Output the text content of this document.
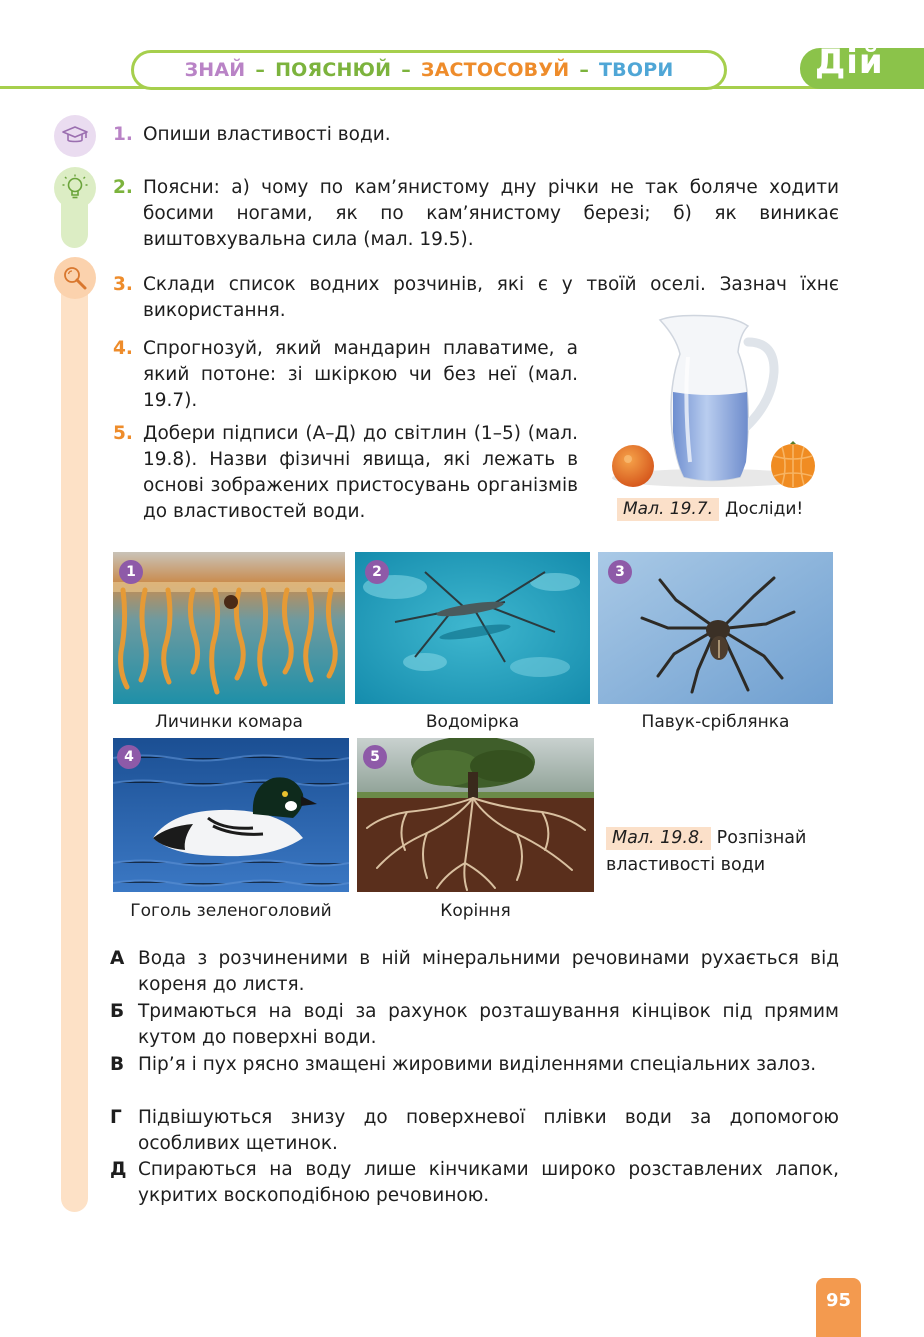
ЗНАЙ – ПОЯСНЮЙ – ЗАСТОСОВУЙ – ТВОРИ	Дій
1. Опиши властивості води.
2. Поясни: а) чому по кам’янистому дну річки не так боляче ходити босими ногами, як по кам’янистому березі; б) як виникає виштовхувальна сила (мал. 19.5).
3. Склади список водних розчинів, які є у твоїй оселі. Зазнач їхнє використання.
4. Спрогнозуй, який мандарин плаватиме, а який потоне: зі шкіркою чи без неї (мал. 19.7).
5. Добери підписи (А–Д) до світлин (1–5) (мал. 19.8). Назви фізичні явища, які лежать в основі зображених пристосувань організмів до властивостей води.	Мал. 19.7. Досліди!
1
Личинки комара
2
Водомірка
3
Павук-сріблянка
4
Гоголь зеленоголовий
5
Коріння
Мал. 19.8. Розпізнай властивості води
А Вода з розчиненими в ній мінеральними речовинами рухається від кореня до листя.
Б Тримаються на воді за рахунок розташування кінцівок під прямим кутом до поверхні води.
В Пір’я і пух рясно змащені жировими виділеннями спеціальних залоз.
Г Підвішуються знизу до поверхневої плівки води за допомогою особливих щетинок.
Д Спираються на воду лише кінчиками широко розставлених лапок, укритих воскоподібною речовиною.
95
